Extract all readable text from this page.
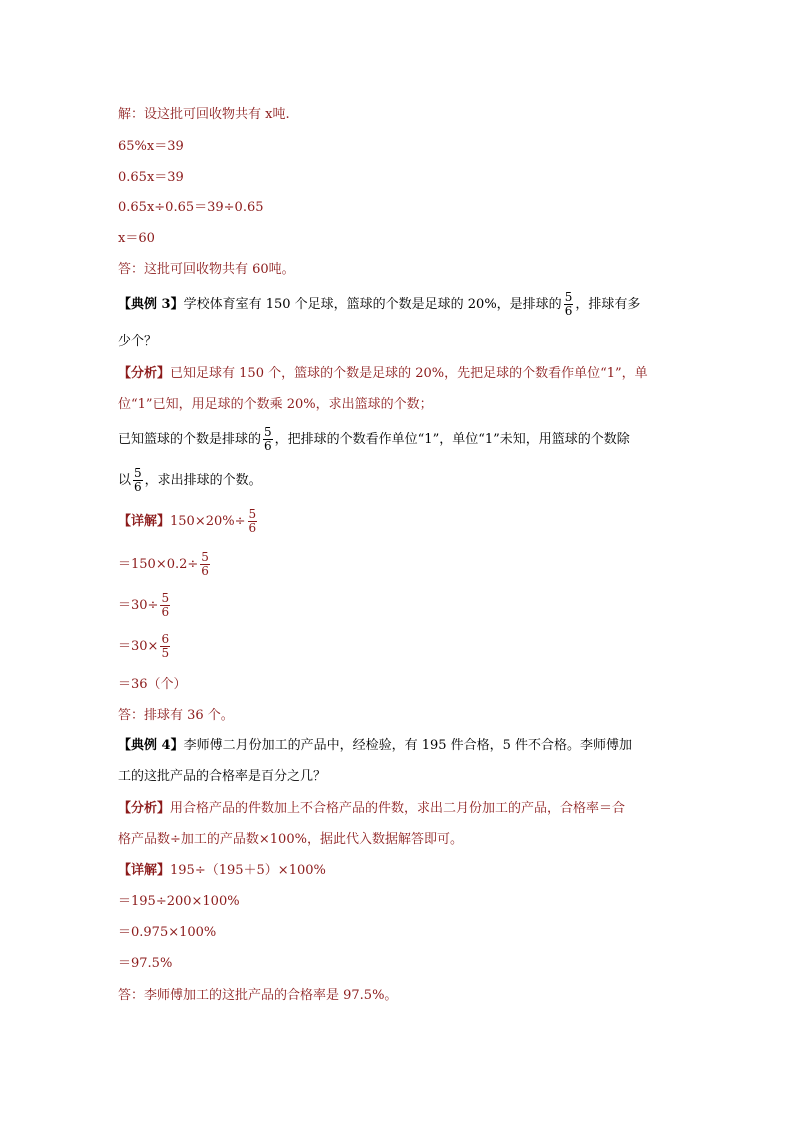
解：设这批可回收物共有 x吨.
65%x＝39
0.65x＝39
0.65x÷0.65＝39÷0.65
x＝60
答：这批可回收物共有 60吨。
【典例 3】学校体育室有 150 个足球，篮球的个数是足球的 20%，是排球的 $\frac{5}{6}$ ，排球有多
少个？
【分析】已知足球有 150 个，篮球的个数是足球的 20%，先把足球的个数看作单位“1”，单
位“1”已知，用足球的个数乘 20%，求出篮球的个数；
已知篮球的个数是排球的 $\frac{5}{6}$ ，把排球的个数看作单位“1”，单位“1”未知，用篮球的个数除
以 $\frac{5}{6}$ ，求出排球的个数。
【详解】$150\times 20\%\div \frac{5}{6}$
$=150\times 0.2\div \frac{5}{6}$
$=30\div \frac{5}{6}$
$=30\times \frac{6}{5}$
＝36（个）
答：排球有 36 个。
【典例 4】李师傅二月份加工的产品中，经检验，有 195 件合格，5 件不合格。李师傅加
工的这批产品的合格率是百分之几？
【分析】用合格产品的件数加上不合格产品的件数，求出二月份加工的产品，合格率＝合
格产品数÷加工的产品数×100%，据此代入数据解答即可。
【详解】195÷（195＋5）×100%
＝195÷200×100%
＝0.975×100%
＝97.5%
答：李师傅加工的这批产品的合格率是 97.5%。
